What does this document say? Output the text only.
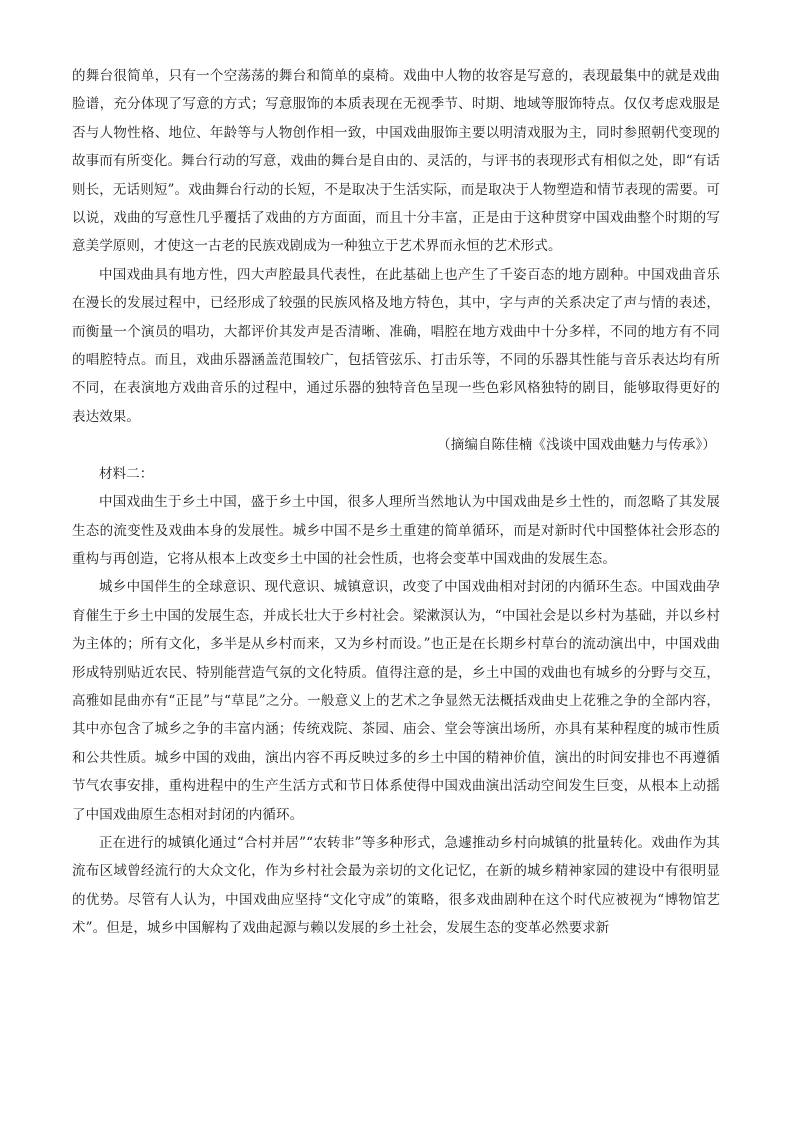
的舞台很简单，只有一个空荡荡的舞台和简单的桌椅。戏曲中人物的妆容是写意的，表现最集中的就是戏曲脸谱，充分体现了写意的方式；写意服饰的本质表现在无视季节、时期、地域等服饰特点。仅仅考虑戏服是否与人物性格、地位、年龄等与人物创作相一致，中国戏曲服饰主要以明清戏服为主，同时参照朝代变现的故事而有所变化。舞台行动的写意，戏曲的舞台是自由的、灵活的，与评书的表现形式有相似之处，即“有话则长，无话则短”。戏曲舞台行动的长短，不是取决于生活实际，而是取决于人物塑造和情节表现的需要。可以说，戏曲的写意性几乎覆括了戏曲的方方面面，而且十分丰富，正是由于这种贯穿中国戏曲整个时期的写意美学原则，才使这一古老的民族戏剧成为一种独立于艺术界而永恒的艺术形式。

中国戏曲具有地方性，四大声腔最具代表性，在此基础上也产生了千姿百态的地方剧种。中国戏曲音乐在漫长的发展过程中，已经形成了较强的民族风格及地方特色，其中，字与声的关系决定了声与情的表述，而衡量一个演员的唱功，大都评价其发声是否清晰、准确，唱腔在地方戏曲中十分多样，不同的地方有不同的唱腔特点。而且，戏曲乐器涵盖范围较广，包括管弦乐、打击乐等，不同的乐器其性能与音乐表达均有所不同，在表演地方戏曲音乐的过程中，通过乐器的独特音色呈现一些色彩风格独特的剧目，能够取得更好的表达效果。

（摘编自陈佳楠《浅谈中国戏曲魅力与传承》）

材料二：

中国戏曲生于乡土中国，盛于乡土中国，很多人理所当然地认为中国戏曲是乡土性的，而忽略了其发展生态的流变性及戏曲本身的发展性。城乡中国不是乡土重建的简单循环，而是对新时代中国整体社会形态的重构与再创造，它将从根本上改变乡土中国的社会性质，也将会变革中国戏曲的发展生态。

城乡中国伴生的全球意识、现代意识、城镇意识，改变了中国戏曲相对封闭的内循环生态。中国戏曲孕育催生于乡土中国的发展生态，并成长壮大于乡村社会。梁漱溟认为，“中国社会是以乡村为基础，并以乡村为主体的；所有文化，多半是从乡村而来，又为乡村而设。”也正是在长期乡村草台的流动演出中，中国戏曲形成特别贴近农民、特别能营造气氛的文化特质。值得注意的是，乡土中国的戏曲也有城乡的分野与交互，高雅如昆曲亦有“正昆”与“草昆”之分。一般意义上的艺术之争显然无法概括戏曲史上花雅之争的全部内容，其中亦包含了城乡之争的丰富内涵；传统戏院、茶园、庙会、堂会等演出场所，亦具有某种程度的城市性质和公共性质。城乡中国的戏曲，演出内容不再反映过多的乡土中国的精神价值，演出的时间安排也不再遵循节气农事安排，重构进程中的生产生活方式和节日体系使得中国戏曲演出活动空间发生巨变，从根本上动摇了中国戏曲原生态相对封闭的内循环。

正在进行的城镇化通过“合村并居”“农转非”等多种形式，急遽推动乡村向城镇的批量转化。戏曲作为其流布区域曾经流行的大众文化，作为乡村社会最为亲切的文化记忆，在新的城乡精神家园的建设中有很明显的优势。尽管有人认为，中国戏曲应坚持“文化守成”的策略，很多戏曲剧种在这个时代应被视为“博物馆艺术”。但是，城乡中国解构了戏曲起源与赖以发展的乡土社会，发展生态的变革必然要求新
